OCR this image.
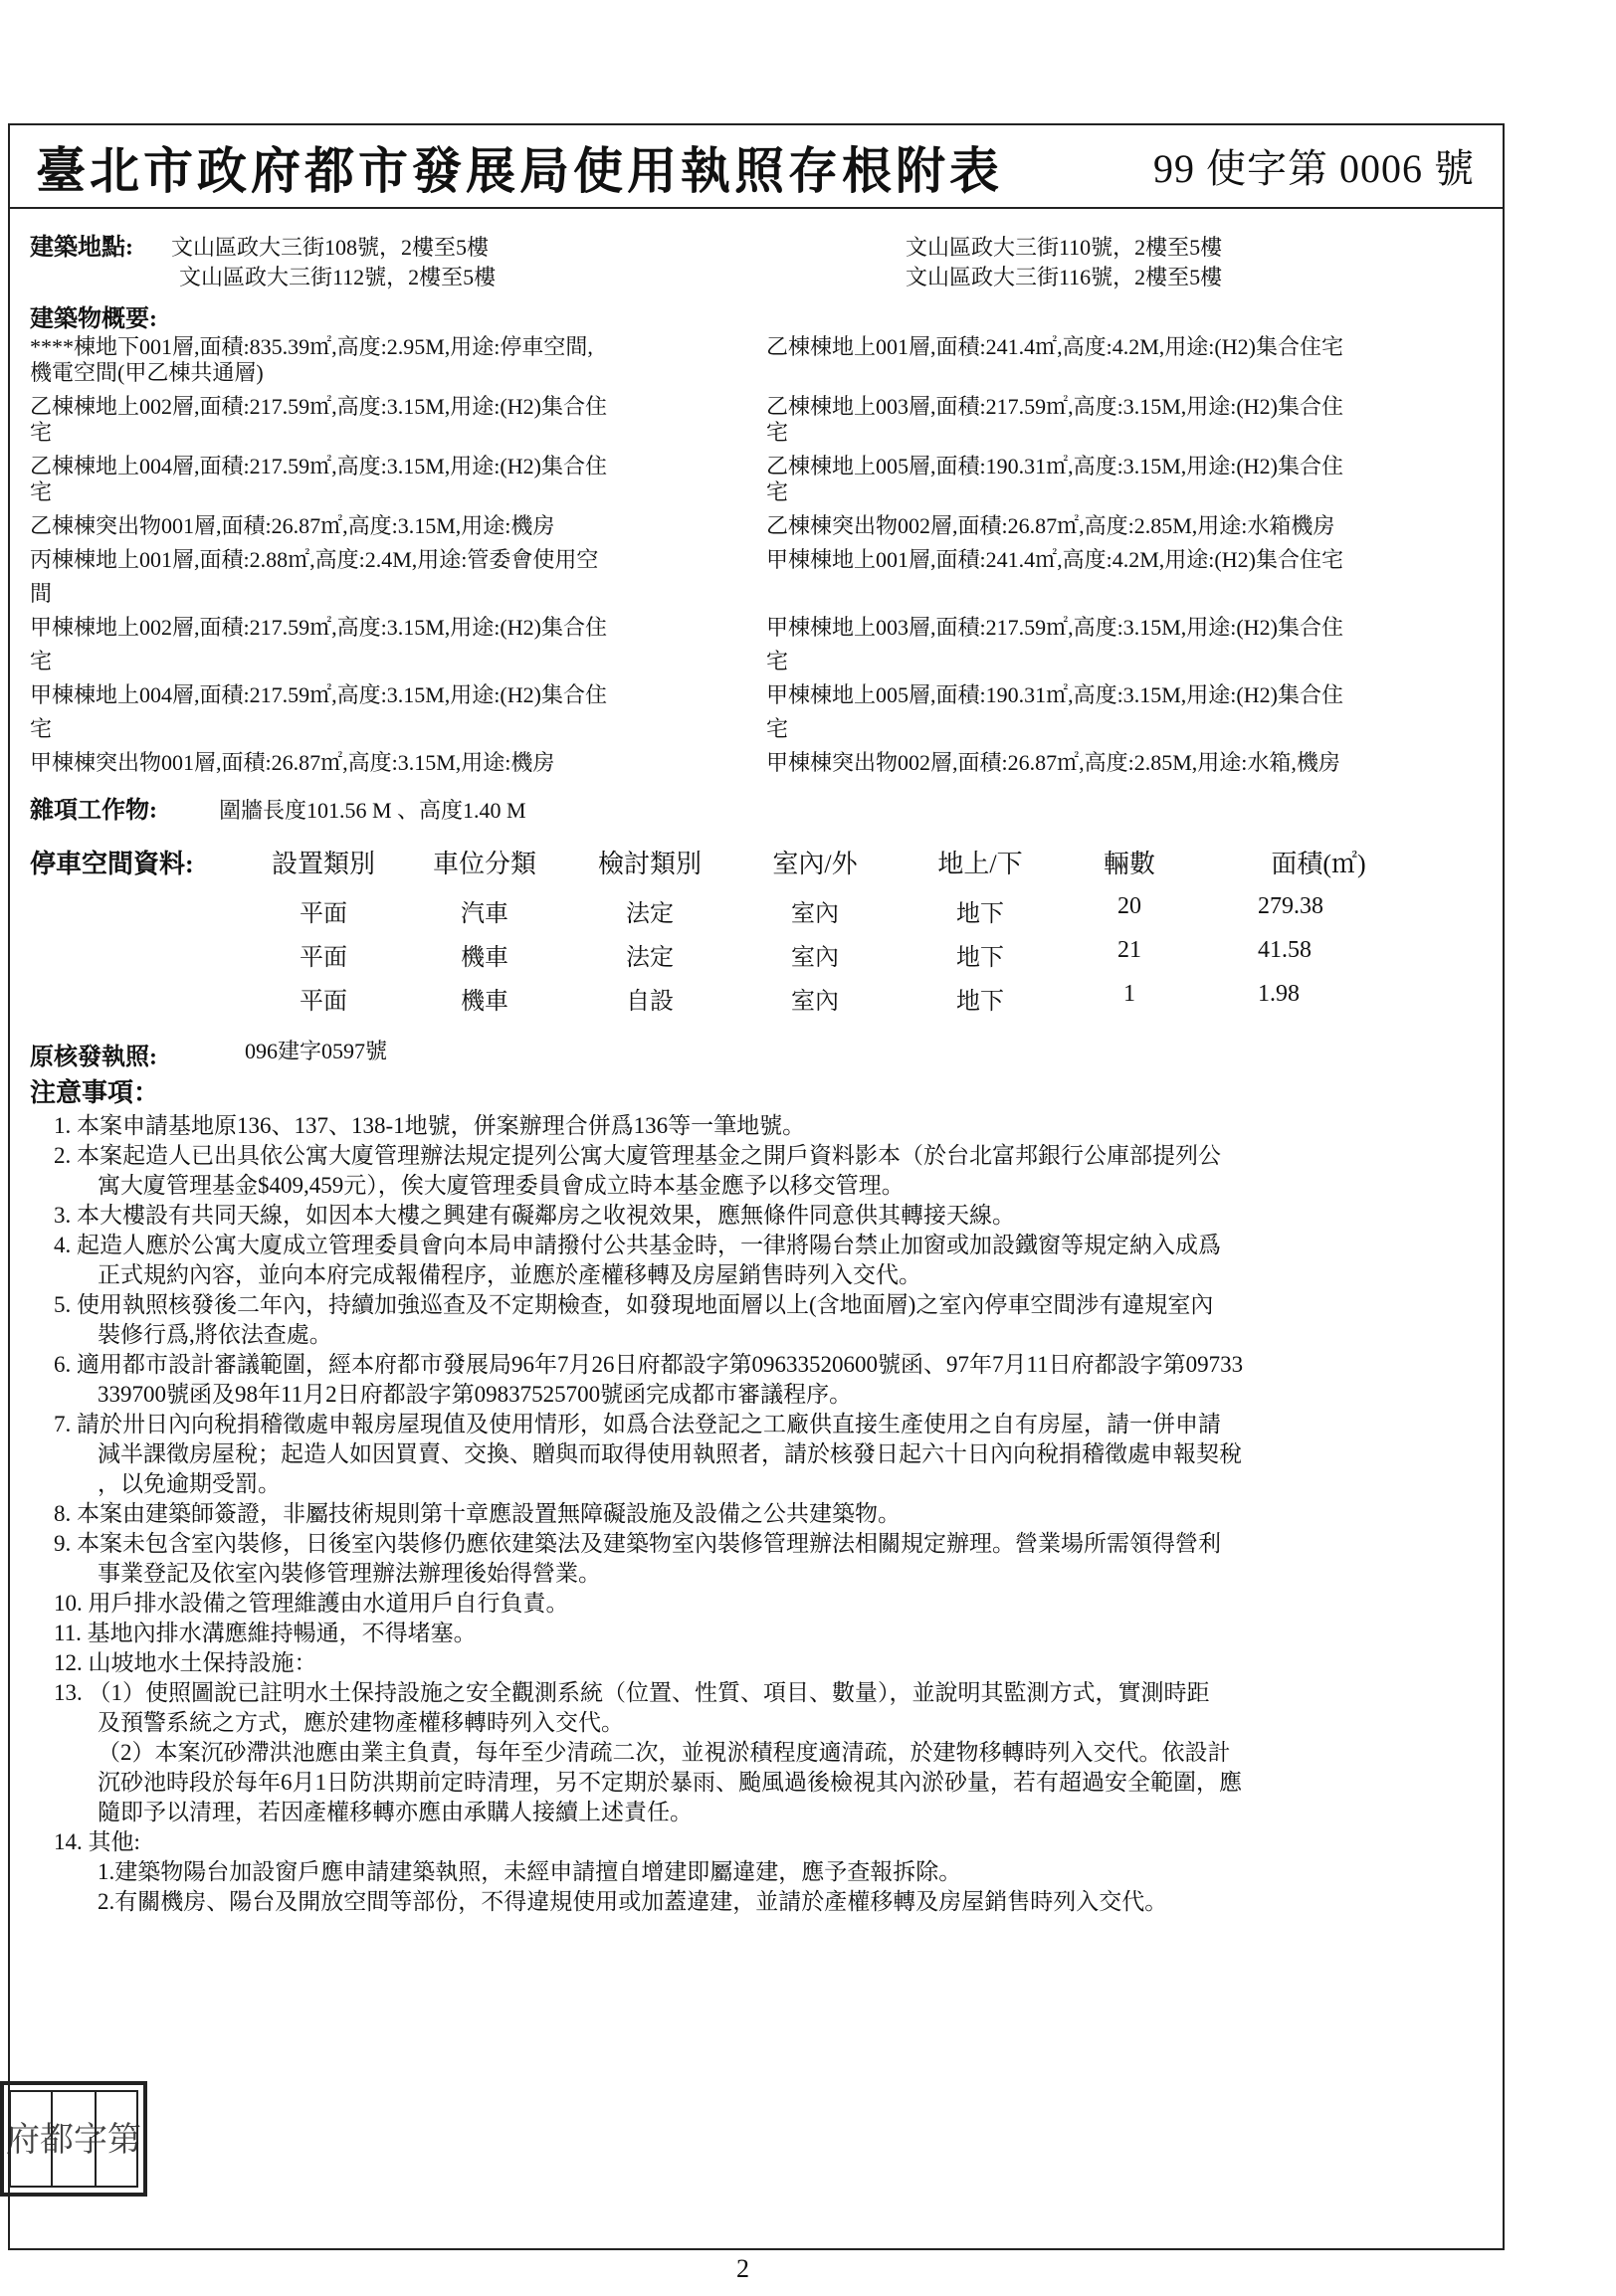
臺北市政府都市發展局使用執照存根附表	99 使字第 0006 號
建築地點: 文山區政大三街108號，2樓至5樓	文山區政大三街110號，2樓至5樓
文山區政大三街112號，2樓至5樓	文山區政大三街116號，2樓至5樓
建築物概要:
****棟地下001層,面積:835.39㎡,高度:2.95M,用途:停車空間,	乙棟棟地上001層,面積:241.4㎡,高度:4.2M,用途:(H2)集合住宅
機電空間(甲乙棟共通層)
乙棟棟地上002層,面積:217.59㎡,高度:3.15M,用途:(H2)集合住	乙棟棟地上003層,面積:217.59㎡,高度:3.15M,用途:(H2)集合住
宅	宅
乙棟棟地上004層,面積:217.59㎡,高度:3.15M,用途:(H2)集合住	乙棟棟地上005層,面積:190.31㎡,高度:3.15M,用途:(H2)集合住
宅	宅
乙棟棟突出物001層,面積:26.87㎡,高度:3.15M,用途:機房	乙棟棟突出物002層,面積:26.87㎡,高度:2.85M,用途:水箱機房
丙棟棟地上001層,面積:2.88㎡,高度:2.4M,用途:管委會使用空	甲棟棟地上001層,面積:241.4㎡,高度:4.2M,用途:(H2)集合住宅
間
甲棟棟地上002層,面積:217.59㎡,高度:3.15M,用途:(H2)集合住	甲棟棟地上003層,面積:217.59㎡,高度:3.15M,用途:(H2)集合住
宅	宅
甲棟棟地上004層,面積:217.59㎡,高度:3.15M,用途:(H2)集合住	甲棟棟地上005層,面積:190.31㎡,高度:3.15M,用途:(H2)集合住
宅	宅
甲棟棟突出物001層,面積:26.87㎡,高度:3.15M,用途:機房	甲棟棟突出物002層,面積:26.87㎡,高度:2.85M,用途:水箱,機房
雜項工作物:	圍牆長度101.56 M 、高度1.40 M
停車空間資料:	設置類別	車位分類	檢討類別	室內/外	地上/下	輛數	面積(㎡)
平面	汽車	法定	室內	地下	20	279.38
平面	機車	法定	室內	地下	21	41.58
平面	機車	自設	室內	地下	1	1.98
原核發執照:	096建字0597號
注意事項：
1. 本案申請基地原136、137、138-1地號，併案辦理合併爲136等一筆地號。
2. 本案起造人已出具依公寓大廈管理辦法規定提列公寓大廈管理基金之開戶資料影本（於台北富邦銀行公庫部提列公
寓大廈管理基金$409,459元），俟大廈管理委員會成立時本基金應予以移交管理。
3. 本大樓設有共同天線，如因本大樓之興建有礙鄰房之收視效果，應無條件同意供其轉接天線。
4. 起造人應於公寓大廈成立管理委員會向本局申請撥付公共基金時，一律將陽台禁止加窗或加設鐵窗等規定納入成爲
正式規約內容，並向本府完成報備程序，並應於產權移轉及房屋銷售時列入交代。
5. 使用執照核發後二年內，持續加強巡查及不定期檢查，如發現地面層以上(含地面層)之室內停車空間涉有違規室內
裝修行爲,將依法查處。
6. 適用都市設計審議範圍，經本府都市發展局96年7月26日府都設字第09633520600號函、97年7月11日府都設字第09733
339700號函及98年11月2日府都設字第09837525700號函完成都市審議程序。
7. 請於卅日內向稅捐稽徵處申報房屋現值及使用情形，如爲合法登記之工廠供直接生產使用之自有房屋，請一併申請
減半課徵房屋稅；起造人如因買賣、交換、贈與而取得使用執照者，請於核發日起六十日內向稅捐稽徵處申報契稅
，以免逾期受罰。
8. 本案由建築師簽證，非屬技術規則第十章應設置無障礙設施及設備之公共建築物。
9. 本案未包含室內裝修，日後室內裝修仍應依建築法及建築物室內裝修管理辦法相關規定辦理。營業場所需領得營利
事業登記及依室內裝修管理辦法辦理後始得營業。
10. 用戶排水設備之管理維護由水道用戶自行負責。
11. 基地內排水溝應維持暢通，不得堵塞。
12. 山坡地水土保持設施：
13. （1）使照圖說已註明水土保持設施之安全觀測系統（位置、性質、項目、數量），並說明其監測方式，實測時距
及預警系統之方式，應於建物產權移轉時列入交代。
（2）本案沉砂滯洪池應由業主負責，每年至少清疏二次，並視淤積程度適清疏，於建物移轉時列入交代。依設計
沉砂池時段於每年6月1日防洪期前定時清理，另不定期於暴雨、颱風過後檢視其內淤砂量，若有超過安全範圍，應
隨即予以清理，若因產權移轉亦應由承購人接續上述責任。
14. 其他:
1.建築物陽台加設窗戶應申請建築執照，未經申請擅自增建即屬違建，應予查報拆除。
2.有關機房、陽台及開放空間等部份，不得違規使用或加蓋違建，並請於產權移轉及房屋銷售時列入交代。
府都字第
2
